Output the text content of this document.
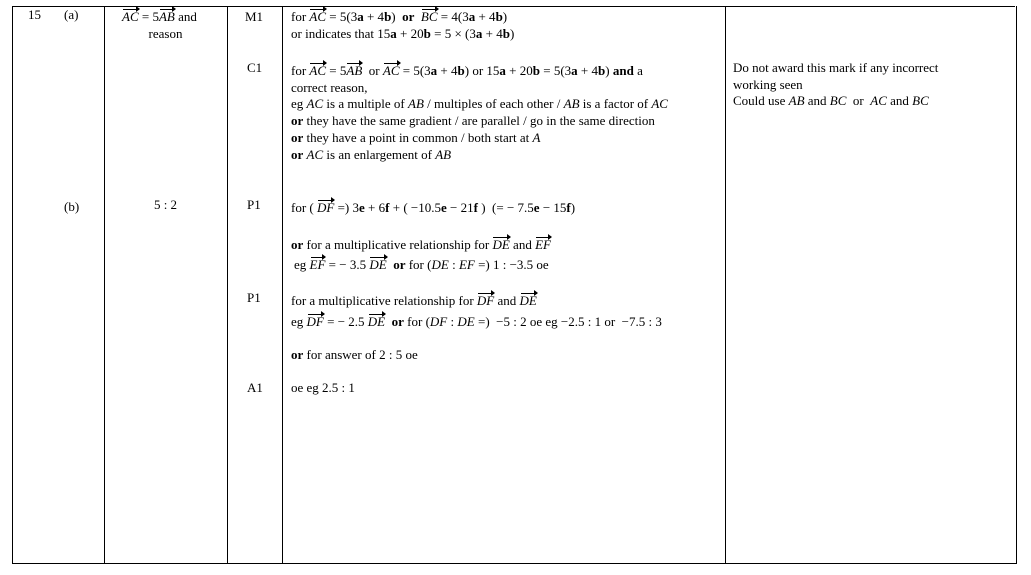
15 (a)
(b)
AC = 5AB and
reason
M1
C1
for AC = 5(3a + 4b)  or BC = 4(3a + 4b)
or indicates that 15a + 20b = 5 × (3a + 4b)
for AC = 5AB  or AC = 5(3a + 4b) or 15a + 20b = 5(3a + 4b) and a
correct reason,
eg AC is a multiple of AB / multiples of each other / AB is a factor of AC
or they have the same gradient / are parallel / go in the same direction
or they have a point in common / both start at A
or AC is an enlargement of AB
Do not award this mark if any incorrect
working seen
Could use AB and BC  or  AC and BC
5 : 2	P1
P1
A1
for ( DF =) 3e + 6f + ( −10.5e − 21f )  (= − 7.5e − 15f)
or for a multiplicative relationship for DE and EF
eg EF = − 3.5 DE or for (DE : EF =) 1 : −3.5 oe
for a multiplicative relationship for DF and DE
eg DF = − 2.5 DE or for (DF : DE =)  −5 : 2 oe eg −2.5 : 1 or  −7.5 : 3
or for answer of 2 : 5 oe
oe eg 2.5 : 1
